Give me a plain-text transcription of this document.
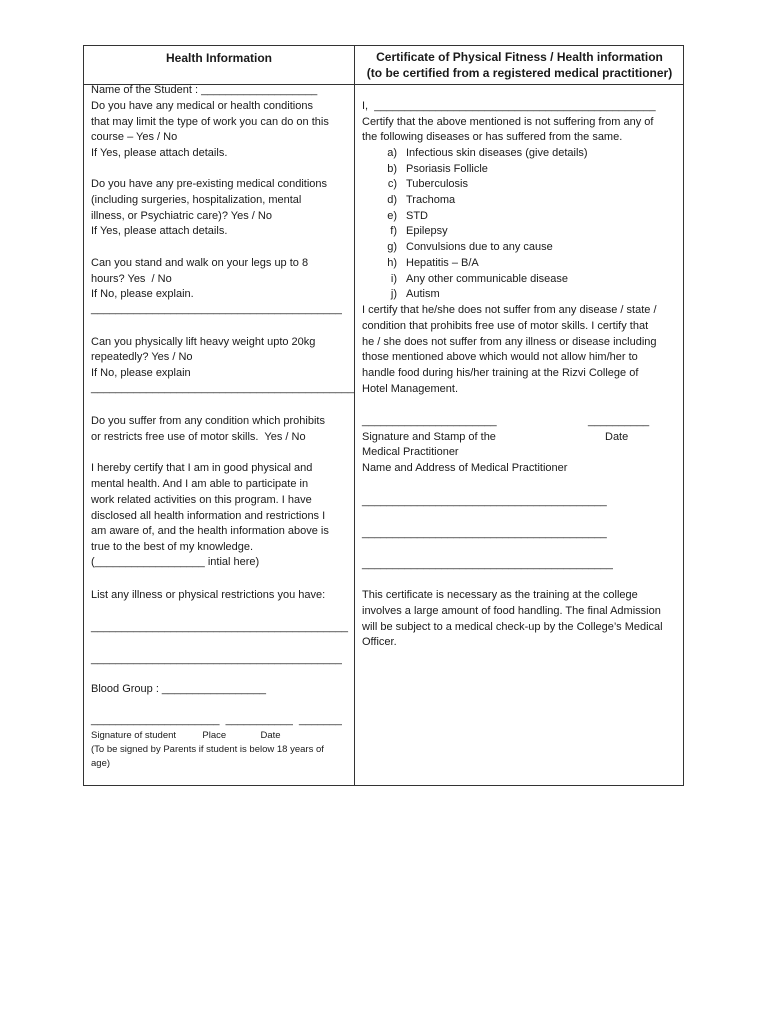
Health Information	Certificate of Physical Fitness / Health information
(to be certified from a registered medical practitioner)
Name of the Student : ___________________
Do you have any medical or health conditions
that may limit the type of work you can do on this
course – Yes / No
If Yes, please attach details.
Do you have any pre-existing medical conditions
(including surgeries, hospitalization, mental
illness, or Psychiatric care)? Yes / No
If Yes, please attach details.
Can you stand and walk on your legs up to 8
hours? Yes  / No
If No, please explain.
_________________________________________
Can you physically lift heavy weight upto 20kg
repeatedly? Yes / No
If No, please explain
___________________________________________
Do you suffer from any condition which prohibits
or restricts free use of motor skills.  Yes / No
I hereby certify that I am in good physical and
mental health. And I am able to participate in
work related activities on this program. I have
disclosed all health information and restrictions I
am aware of, and the health information above is
true to the best of my knowledge.
(__________________ intial here)
List any illness or physical restrictions you have:
__________________________________________
_________________________________________
Blood Group : _________________
_____________________  ___________  _______
Signature of student          Place             Date
(To be signed by Parents if student is below 18 years of
age)
I,  ______________________________________________
Certify that the above mentioned is not suffering from any of
the following diseases or has suffered from the same.
a) Infectious skin diseases (give details)
b) Psoriasis Follicle
c) Tuberculosis
d) Trachoma
e) STD
f) Epilepsy
g) Convulsions due to any cause
h) Hepatitis – B/A
i) Any other communicable disease
j) Autism
I certify that he/she does not suffer from any disease / state /
condition that prohibits free use of motor skills. I certify that
he / she does not suffer from any illness or disease including
those mentioned above which would not allow him/her to
handle food during his/her training at the Rizvi College of
Hotel Management.
______________________	__________
Signature and Stamp of the	Date
Medical Practitioner
Name and Address of Medical Practitioner
________________________________________
________________________________________
_________________________________________
This certificate is necessary as the training at the college
involves a large amount of food handling. The final Admission
will be subject to a medical check-up by the College’s Medical
Officer.
